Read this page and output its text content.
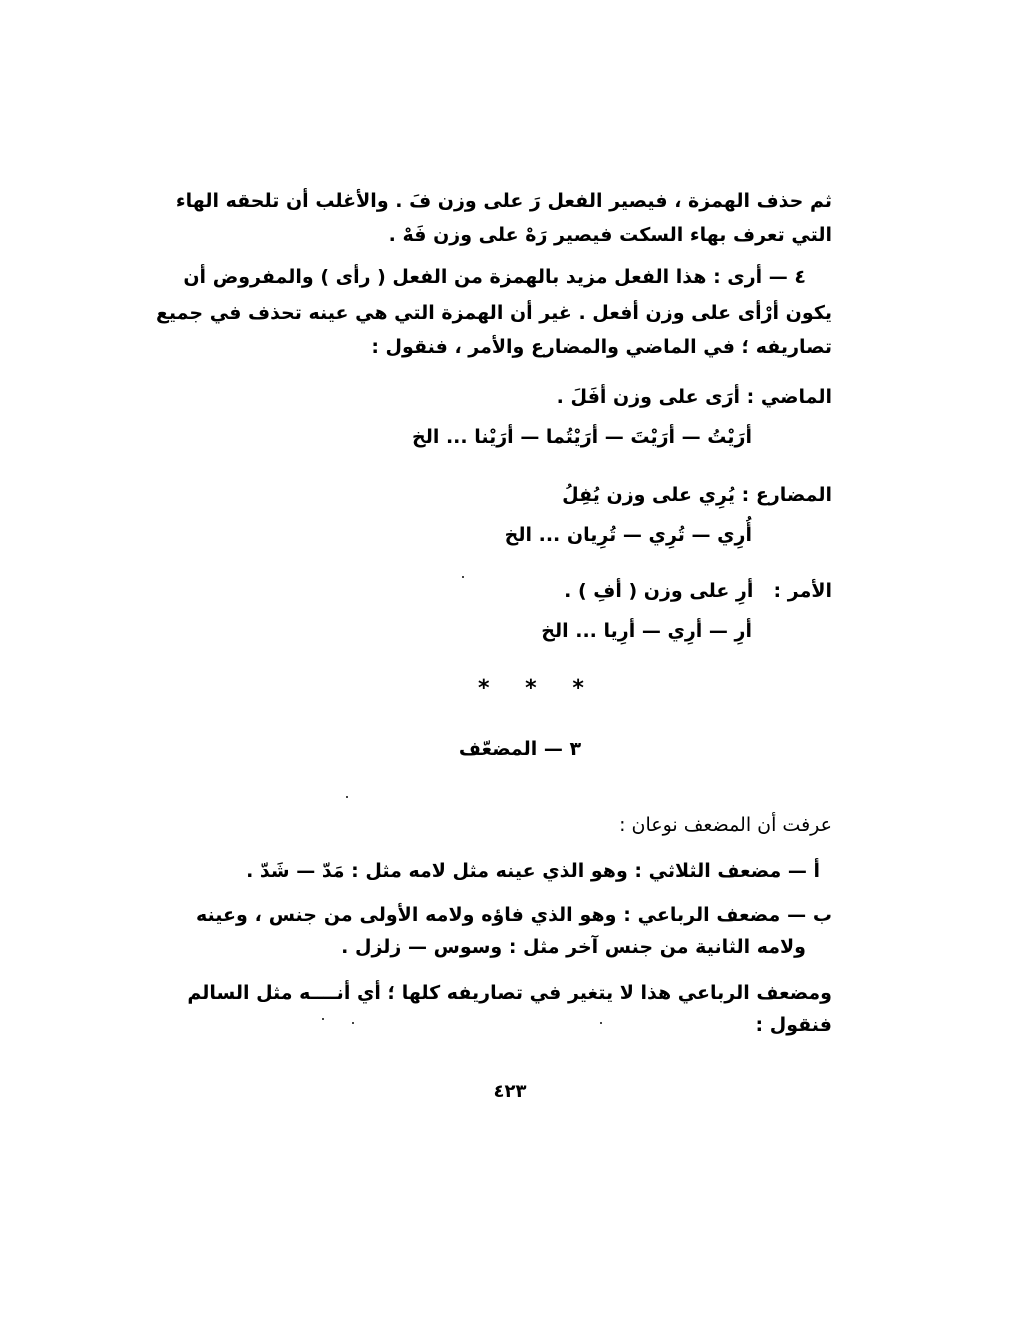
ثم حذف الهمزة ، فيصير الفعل رَ على وزن فَ . والأغلب أن تلحقه الهاء
التي تعرف بهاء السكت فيصير رَهْ على وزن فَهْ .
٤ — أرى : هذا الفعل مزيد بالهمزة من الفعل ( رأى ) والمفروض أن
يكون أرْأى على وزن أفعل . غير أن الهمزة التي هي عينه تحذف في جميع
تصاريفه ؛ في الماضي والمضارع والأمر ، فنقول :
الماضي : أرَى على وزن أفَلَ .
أرَيْتُ — أرَيْتَ — أرَيْتُما — أرَيْنا ... الخ
المضارع : يُرِي على وزن يُفِلُ
أُرِي — تُرِي — تُرِيان ... الخ
الأمر : أرِ على وزن ( أفِ ) .
أرِ — أرِي — أرِيا ... الخ
* * *
٣ — المضعّف
عرفت أن المضعف نوعان :
أ — مضعف الثلاثي : وهو الذي عينه مثل لامه مثل : مَدّ — شَدّ .
ب — مضعف الرباعي : وهو الذي فاؤه ولامه الأولى من جنس ، وعينه
ولامه الثانية من جنس آخر مثل : وسوس — زلزل .
ومضعف الرباعي هذا لا يتغير في تصاريفه كلها ؛ أي أنــــه مثل السالم
فنقول :
٤٢٣
